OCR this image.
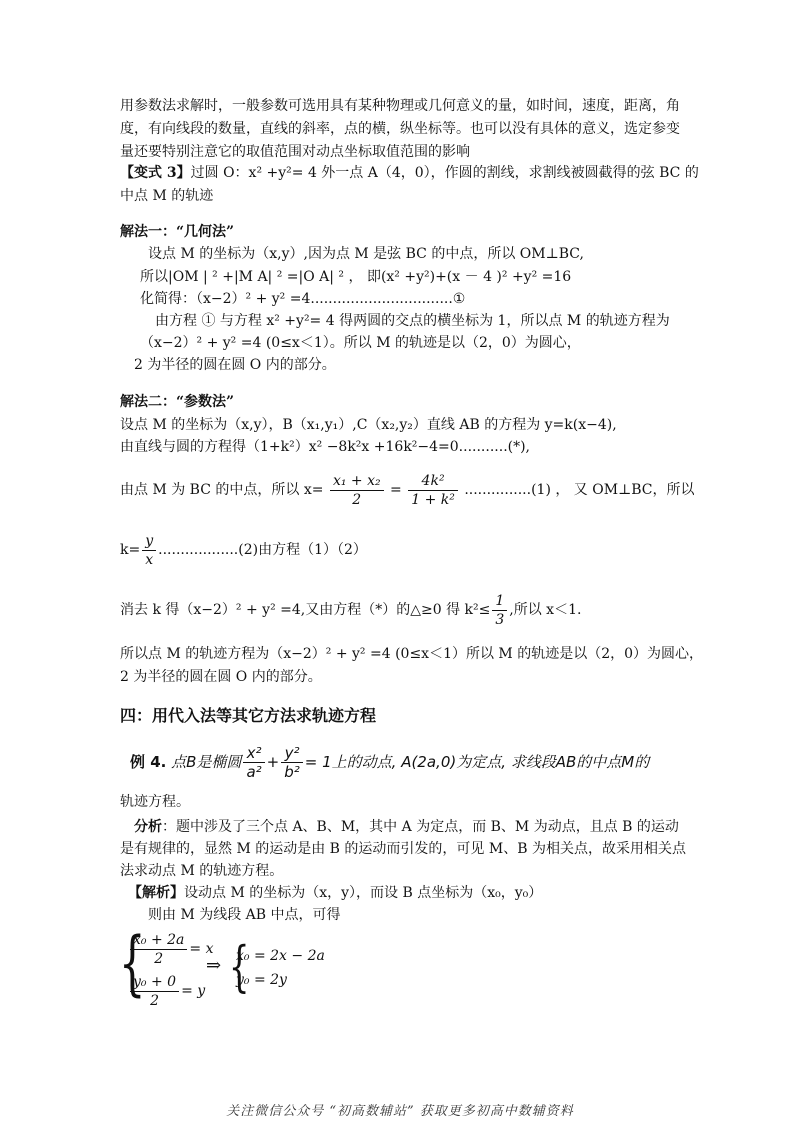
用参数法求解时，一般参数可选用具有某种物理或几何意义的量，如时间，速度，距离，角
度，有向线段的数量，直线的斜率，点的横，纵坐标等。也可以没有具体的意义，选定参变
量还要特别注意它的取值范围对动点坐标取值范围的影响
【变式 3】过圆 O：x² +y²= 4 外一点 A（4，0），作圆的割线，求割线被圆截得的弦 BC 的
中点 M 的轨迹
解法一：“几何法”
设点 M 的坐标为（x,y）,因为点 M 是弦 BC 的中点，所以 OM⊥BC,
所以|OM | ² +|M A| ² =|O A| ² ， 即(x² +y²)+(x － 4 )² +y² =16
化简得：（x−2）² + y² =4................................①
由方程 ① 与方程 x² +y²= 4 得两圆的交点的横坐标为 1，所以点 M 的轨迹方程为
（x−2）² + y² =4 (0≤x＜1）。所以 M 的轨迹是以（2，0）为圆心，
2 为半径的圆在圆 O 内的部分。
解法二：“参数法”
设点 M 的坐标为（x,y），B（x₁,y₁）,C（x₂,y₂）直线 AB 的方程为 y=k(x−4),
由直线与圆的方程得（1+k²）x² −8k²x +16k²−4=0...........(*),
由点 M 为 BC 的中点，所以 $x= \frac{\text{x₁ + x₂}}{2} = \frac{\text{4k²}}{\text{1 + k²}} ...............(1)$ ， 又 OM⊥BC，所以
$k= \frac{y}{x} ..................(2)$由方程（1）（2）
消去 k 得（x−2）² + y² =4,又由方程（*）的△≥0 得 $k^2\le \frac{1}{3}$ ,所以 x＜1.
所以点 M 的轨迹方程为（x−2）² + y² =4 (0≤x＜1）所以 M 的轨迹是以（2，0）为圆心，
2 为半径的圆在圆 O 内的部分。
四：用代入法等其它方法求轨迹方程
例 4. 点B是椭圆 $\frac{\text{x²}}{\text{a²}} + \frac{\text{y²}}{\text{b²}} = 1$上的动点, A(2a,0)为定点, 求线段AB的中点M的
轨迹方程。
分析：题中涉及了三个点 A、B、M，其中 A 为定点，而 B、M 为动点，且点 B 的运动
是有规律的，显然 M 的运动是由 B 的运动而引发的，可见 M、B 为相关点，故采用相关点
法求动点 M 的轨迹方程。
【解析】设动点 M 的坐标为（x，y），而设 B 点坐标为（x₀，y₀）
则由 M 为线段 AB 中点，可得
{
$\frac{\text{x₀ + 2a}}{2} = x$
$\frac{\text{y₀ + 0}}{2} = y$
⇒ {
x₀ = 2x − 2a
y₀ = 2y
关注微信公众号 “初高数辅站” 获取更多初高中数辅资料
